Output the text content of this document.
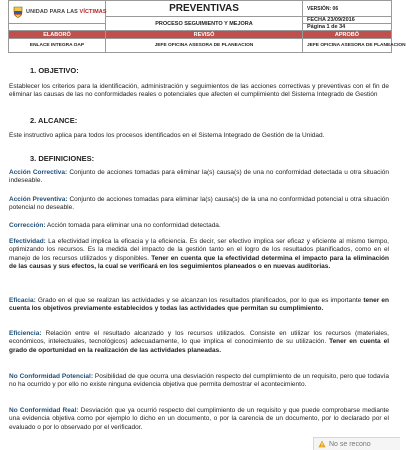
UNIDAD PARA LAS VÍCTIMAS	PREVENTIVAS	VERSIÓN: 06
	PROCESO SEGUIMIENTO Y MEJORA	FECHA 23/09/2016
		Página 1 de 34
ELABORÓ	REVISÓ	APROBÓ
ENLACE INTEGRA OAP	JEFE OFICINA ASESORA DE PLANEACION	JEFE OFICINA ASESORA DE PLANEACION
1. OBJETIVO:
Establecer los criterios para la identificación, administración y seguimientos de las acciones correctivas y preventivas con el fin de eliminar las causas de las no conformidades reales o potenciales que afecten el cumplimiento del Sistema Integrado de Gestión
2. ALCANCE:
Este instructivo aplica para todos los procesos identificados en el Sistema Integrado de Gestión de la Unidad.
3. DEFINICIONES:
Acción Correctiva: Conjunto de acciones tomadas para eliminar la(s) causa(s) de una no conformidad detectada u otra situación indeseable.
Acción Preventiva: Conjunto de acciones tomadas para eliminar la(s) causa(s) de la una no conformidad potencial u otra situación potencial no deseable.
Corrección: Acción tomada para eliminar una no conformidad detectada.
Efectividad: La efectividad implica la eficacia y la eficiencia. Es decir, ser efectivo implica ser eficaz y eficiente al mismo tiempo, optimizando los recursos. Es la medida del impacto de la gestión tanto en el logro de los resultados planificados, como en el manejo de los recursos utilizados y disponibles. Tener en cuenta que la efectividad determina el impacto para la eliminación de las causas y sus efectos, la cual se verificará en los seguimientos planeados o en nuevas auditorias.
Eficacia: Grado en el que se realizan las actividades y se alcanzan los resultados planificados, por lo que es importante tener en cuenta los objetivos previamente establecidos y todas las actividades que permitan su cumplimiento.
Eficiencia: Relación entre el resultado alcanzado y los recursos utilizados. Consiste en utilizar los recursos (materiales, económicos, intelectuales, tecnológicos) adecuadamente, lo que implica el conocimiento de su utilización. Tener en cuenta el grado de oportunidad en la realización de las actividades planeadas.
No Conformidad Potencial: Posibilidad de que ocurra una desviación respecto del cumplimiento de un requisito, pero que todavía no ha ocurrido y por ello no existe ninguna evidencia objetiva que permita demostrar el acontecimiento.
No Conformidad Real: Desviación que ya ocurrió respecto del cumplimiento de un requisito y que puede comprobarse mediante una evidencia objetiva como por ejemplo lo dicho en un documento, o por la carencia de un documento, por lo declarado por el evaluado o por lo observado por el verificador.
No se recono
